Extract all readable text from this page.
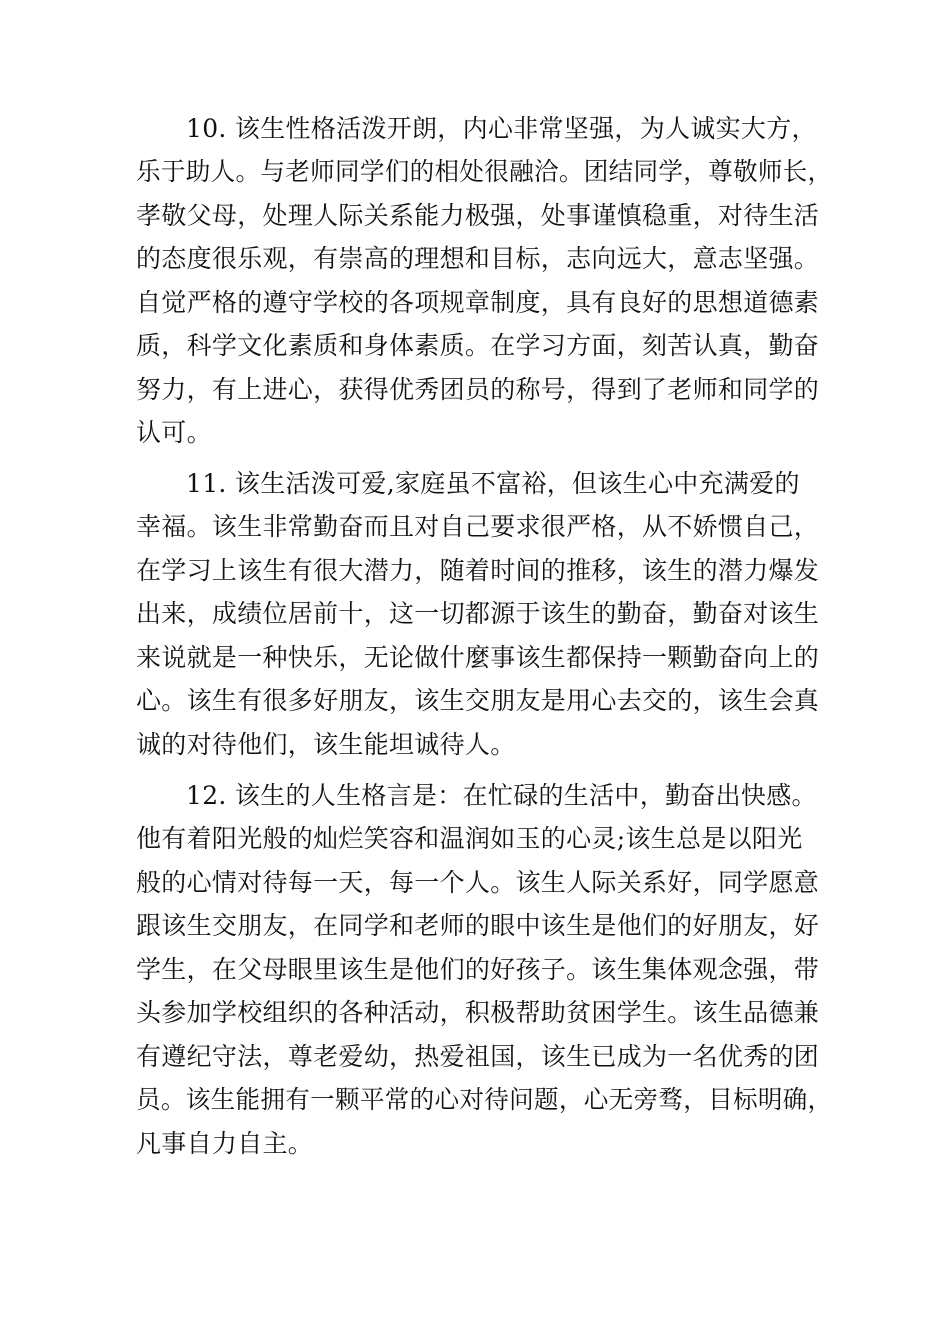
10. 该生性格活泼开朗，内心非常坚强，为人诚实大方，
乐于助人。与老师同学们的相处很融洽。团结同学，尊敬师长，
孝敬父母，处理人际关系能力极强，处事谨慎稳重，对待生活
的态度很乐观，有崇高的理想和目标，志向远大，意志坚强。
自觉严格的遵守学校的各项规章制度，具有良好的思想道德素
质，科学文化素质和身体素质。在学习方面，刻苦认真，勤奋
努力，有上进心，获得优秀团员的称号，得到了老师和同学的
认可。
11. 该生活泼可爱,家庭虽不富裕，但该生心中充满爱的
幸福。该生非常勤奋而且对自己要求很严格，从不娇惯自己，
在学习上该生有很大潜力，随着时间的推移，该生的潜力爆发
出来，成绩位居前十，这一切都源于该生的勤奋，勤奋对该生
来说就是一种快乐，无论做什麼事该生都保持一颗勤奋向上的
心。该生有很多好朋友，该生交朋友是用心去交的，该生会真
诚的对待他们，该生能坦诚待人。
12. 该生的人生格言是：在忙碌的生活中，勤奋出快感。
他有着阳光般的灿烂笑容和温润如玉的心灵;该生总是以阳光
般的心情对待每一天，每一个人。该生人际关系好，同学愿意
跟该生交朋友，在同学和老师的眼中该生是他们的好朋友，好
学生，在父母眼里该生是他们的好孩子。该生集体观念强，带
头参加学校组织的各种活动，积极帮助贫困学生。该生品德兼
有遵纪守法，尊老爱幼，热爱祖国，该生已成为一名优秀的团
员。该生能拥有一颗平常的心对待问题，心无旁骛，目标明确，
凡事自力自主。
